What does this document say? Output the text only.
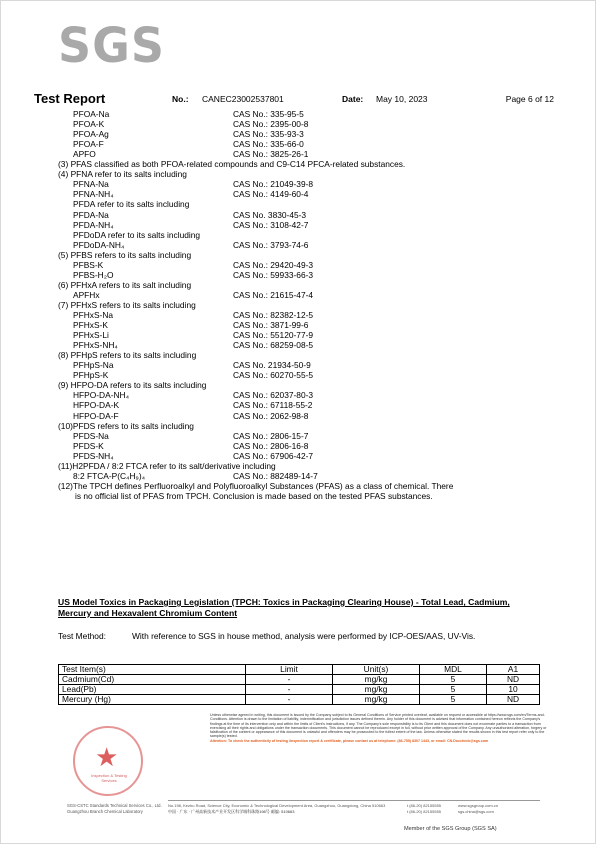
SGS
Test Report	No.: CANEC23002537801	Date: May 10, 2023	Page 6 of 12
PFOA-Na	CAS No.: 335-95-5
PFOA-K	CAS No.: 2395-00-8
PFOA-Ag	CAS No.: 335-93-3
PFOA-F	CAS No.: 335-66-0
APFO	CAS No.: 3825-26-1
(3) PFAS classified as both PFOA-related compounds and C9-C14 PFCA-related substances.
(4) PFNA refer to its salts including
PFNA-Na	CAS No.: 21049-39-8
PFNA-NH₄	CAS No.: 4149-60-4
PFDA refer to its salts including
PFDA-Na	CAS No. 3830-45-3
PFDA-NH₄	CAS No.: 3108-42-7
PFDoDA refer to its salts including
PFDoDA-NH₄	CAS No.: 3793-74-6
(5) PFBS refers to its salts including
PFBS-K	CAS No.: 29420-49-3
PFBS-H₂O	CAS No.: 59933-66-3
(6) PFHxA refers to its salt including
APFHx	CAS No.: 21615-47-4
(7) PFHxS refers to its salts including
PFHxS-Na	CAS No.: 82382-12-5
PFHxS-K	CAS No.: 3871-99-6
PFHxS-Li	CAS No.: 55120-77-9
PFHxS-NH₄	CAS No.: 68259-08-5
(8) PFHpS refers to its salts including
PFHpS-Na	CAS No. 21934-50-9
PFHpS-K	CAS No.: 60270-55-5
(9) HFPO-DA refers to its salts including
HFPO-DA-NH₄	CAS No.: 62037-80-3
HFPO-DA-K	CAS No.: 67118-55-2
HFPO-DA-F	CAS No.: 2062-98-8
(10)PFDS refers to its salts including
PFDS-Na	CAS No.: 2806-15-7
PFDS-K	CAS No.: 2806-16-8
PFDS-NH₄	CAS No.: 67906-42-7
(11)H2PFDA / 8:2 FTCA refer to its salt/derivative including
8:2 FTCA-P(C₄H₉)₄	CAS No.: 882489-14-7
(12)The TPCH defines Perfluoroalkyl and Polyfluoroalkyl Substances (PFAS) as a class of chemical. There
is no official list of PFAS from TPCH. Conclusion is made based on the tested PFAS substances.
US Model Toxics in Packaging Legislation (TPCH: Toxics in Packaging Clearing House) - Total Lead, Cadmium, Mercury and Hexavalent Chromium Content
Test Method:	With reference to SGS in house method, analysis were performed by ICP-OES/AAS, UV-Vis.
Test Item(s)	Limit	Unit(s)	MDL	A1
Cadmium(Cd)	-	mg/kg	5	ND
Lead(Pb)	-	mg/kg	5	10
Mercury (Hg)	-	mg/kg	5	ND
★
Inspection & Testing Services
Unless otherwise agreed in writing, this document is issued by the Company subject to its General Conditions of Service printed overleaf, available on request or accessible at https://www.sgs.com/en/Terms-and-Conditions. Attention is drawn to the limitation of liability, indemnification and jurisdiction issues defined therein. Any holder of this document is advised that information contained hereon reflects the Company's findings at the time of its intervention only and within the limits of Client's instructions, if any. The Company's sole responsibility is to its Client and this document does not exonerate parties to a transaction from exercising all their rights and obligations under the transaction documents. This document cannot be reproduced except in full, without prior written approval of the Company. Any unauthorized alteration, forgery or falsification of the content or appearance of this document is unlawful and offenders may be prosecuted to the fullest extent of the law. Unless otherwise stated the results shown in this test report refer only to the sample(s) tested.
Attention: To check the authenticity of testing /inspection report & certificate, please contact us at telephone: (86-755) 8307 1443, or email: CN.Doccheck@sgs.com
SGS-CSTC Standards Technical Services Co., Ltd.
Guangzhou Branch Chemical Laboratory
No.198, Kezhu Road, Science City, Economic & Technological Development Area, Guangzhou, Guangdong, China 510663
中国 · 广东 · 广州高新技术产业开发区科学城科珠路198号 邮编: 510663
t (86-20) 82155555
t (86-20) 82155555
www.sgsgroup.com.cn
sgs.china@sgs.com
Member of the SGS Group (SGS SA)
